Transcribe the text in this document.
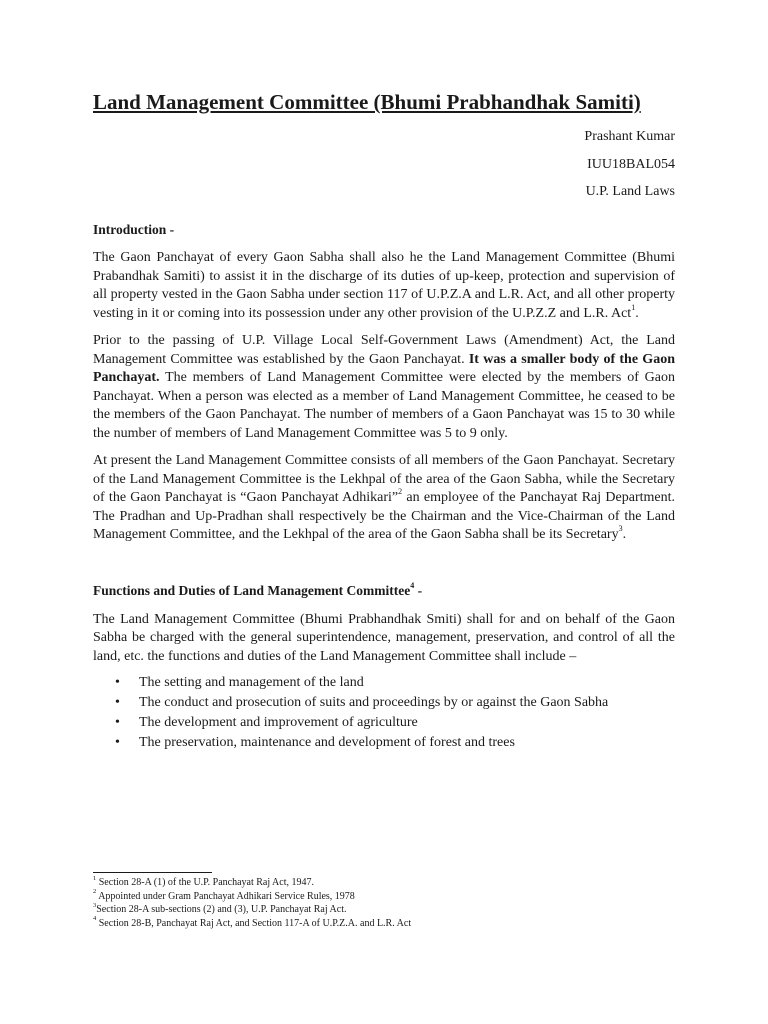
Land Management Committee (Bhumi Prabhandhak Samiti)
Prashant Kumar
IUU18BAL054
U.P. Land Laws
Introduction -

The Gaon Panchayat of every Gaon Sabha shall also he the Land Management Committee (Bhumi Prabandhak Samiti) to assist it in the discharge of its duties of up-keep, protection and supervision of all property vested in the Gaon Sabha under section 117 of U.P.Z.A and L.R. Act, and all other property vesting in it or coming into its possession under any other provision of the U.P.Z.Z and L.R. Act$^1$.

Prior to the passing of U.P. Village Local Self-Government Laws (Amendment) Act, the Land Management Committee was established by the Gaon Panchayat. It was a smaller body of the Gaon Panchayat. The members of Land Management Committee were elected by the members of Gaon Panchayat. When a person was elected as a member of Land Management Committee, he ceased to be the members of the Gaon Panchayat. The number of members of a Gaon Panchayat was 15 to 30 while the number of members of Land Management Committee was 5 to 9 only.

At present the Land Management Committee consists of all members of the Gaon Panchayat. Secretary of the Land Management Committee is the Lekhpal of the area of the Gaon Sabha, while the Secretary of the Gaon Panchayat is “Gaon Panchayat Adhikari”$^2$ an employee of the Panchayat Raj Department. The Pradhan and Up-Pradhan shall respectively be the Chairman and the Vice-Chairman of the Land Management Committee, and the Lekhpal of the area of the Gaon Sabha shall be its Secretary$^3$.

Functions and Duties of Land Management Committee$^4$ -

The Land Management Committee (Bhumi Prabhandhak Smiti) shall for and on behalf of the Gaon Sabha be charged with the general superintendence, management, preservation, and control of all the land, etc. the functions and duties of the Land Management Committee shall include –

• The setting and management of the land
• The conduct and prosecution of suits and proceedings by or against the Gaon Sabha
• The development and improvement of agriculture
• The preservation, maintenance and development of forest and trees
$^1$ Section 28-A (1) of the U.P. Panchayat Raj Act, 1947.
$^2$ Appointed under Gram Panchayat Adhikari Service Rules, 1978
$^3$Section 28-A sub-sections (2) and (3), U.P. Panchayat Raj Act.
$^4$ Section 28-B, Panchayat Raj Act, and Section 117-A of U.P.Z.A. and L.R. Act
